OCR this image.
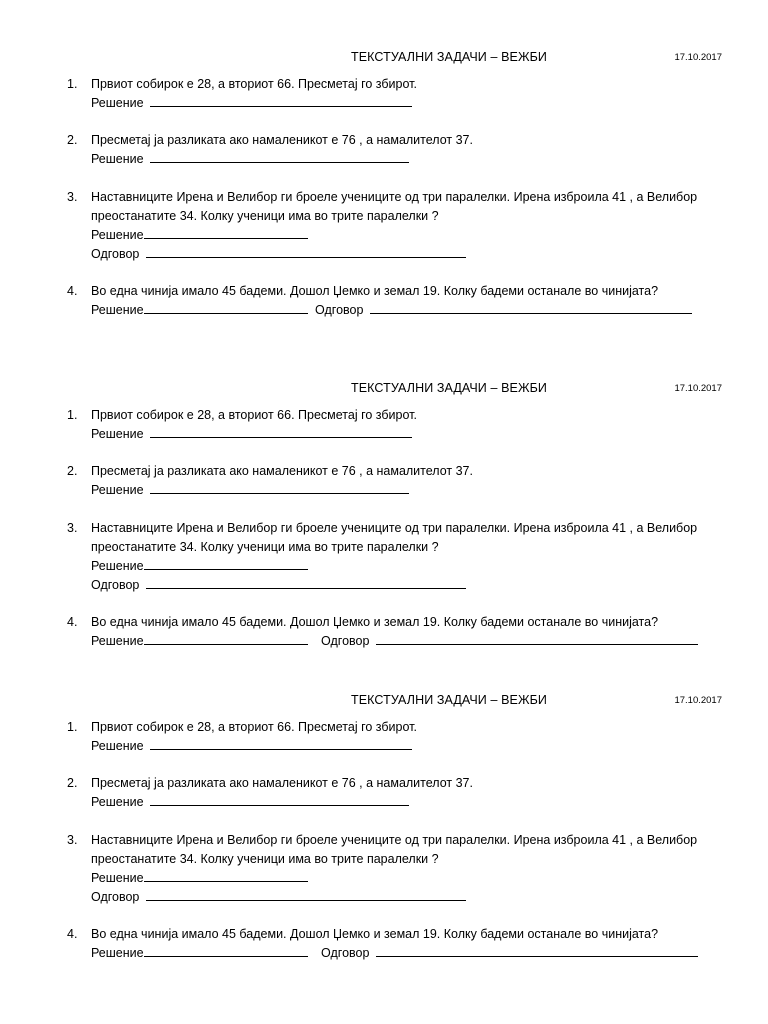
ТЕКСТУАЛНИ ЗАДАЧИ – ВЕЖБИ	17.10.2017
1.	Првиот собирок е 28, а вториот 66. Пресметај го збирот.
Решение
2.	Пресметај ја разликата ако намаленикот е 76 , а намалителот 37.
Решение
3.	Наставниците Ирена и Велибор ги броеле учениците од три паралелки. Ирена изброила 41 , а Велибор
преостанатите 34. Колку ученици има во трите паралелки ?
Решение
Одговор
4.	Во една чинија имало 45 бадеми. Дошол Џемко и земал 19. Колку бадеми останале во чинијата?
Решение	Одговор
ТЕКСТУАЛНИ ЗАДАЧИ – ВЕЖБИ	17.10.2017
1.	Првиот собирок е 28, а вториот 66. Пресметај го збирот.
Решение
2.	Пресметај ја разликата ако намаленикот е 76 , а намалителот 37.
Решение
3.	Наставниците Ирена и Велибор ги броеле учениците од три паралелки. Ирена изброила 41 , а Велибор
преостанатите 34. Колку ученици има во трите паралелки ?
Решение
Одговор
4.	Во една чинија имало 45 бадеми. Дошол Џемко и земал 19. Колку бадеми останале во чинијата?
Решение	Одговор
ТЕКСТУАЛНИ ЗАДАЧИ – ВЕЖБИ	17.10.2017
1.	Првиот собирок е 28, а вториот 66. Пресметај го збирот.
Решение
2.	Пресметај ја разликата ако намаленикот е 76 , а намалителот 37.
Решение
3.	Наставниците Ирена и Велибор ги броеле учениците од три паралелки. Ирена изброила 41 , а Велибор
преостанатите 34. Колку ученици има во трите паралелки ?
Решение
Одговор
4.	Во една чинија имало 45 бадеми. Дошол Џемко и земал 19. Колку бадеми останале во чинијата?
Решение	Одговор
